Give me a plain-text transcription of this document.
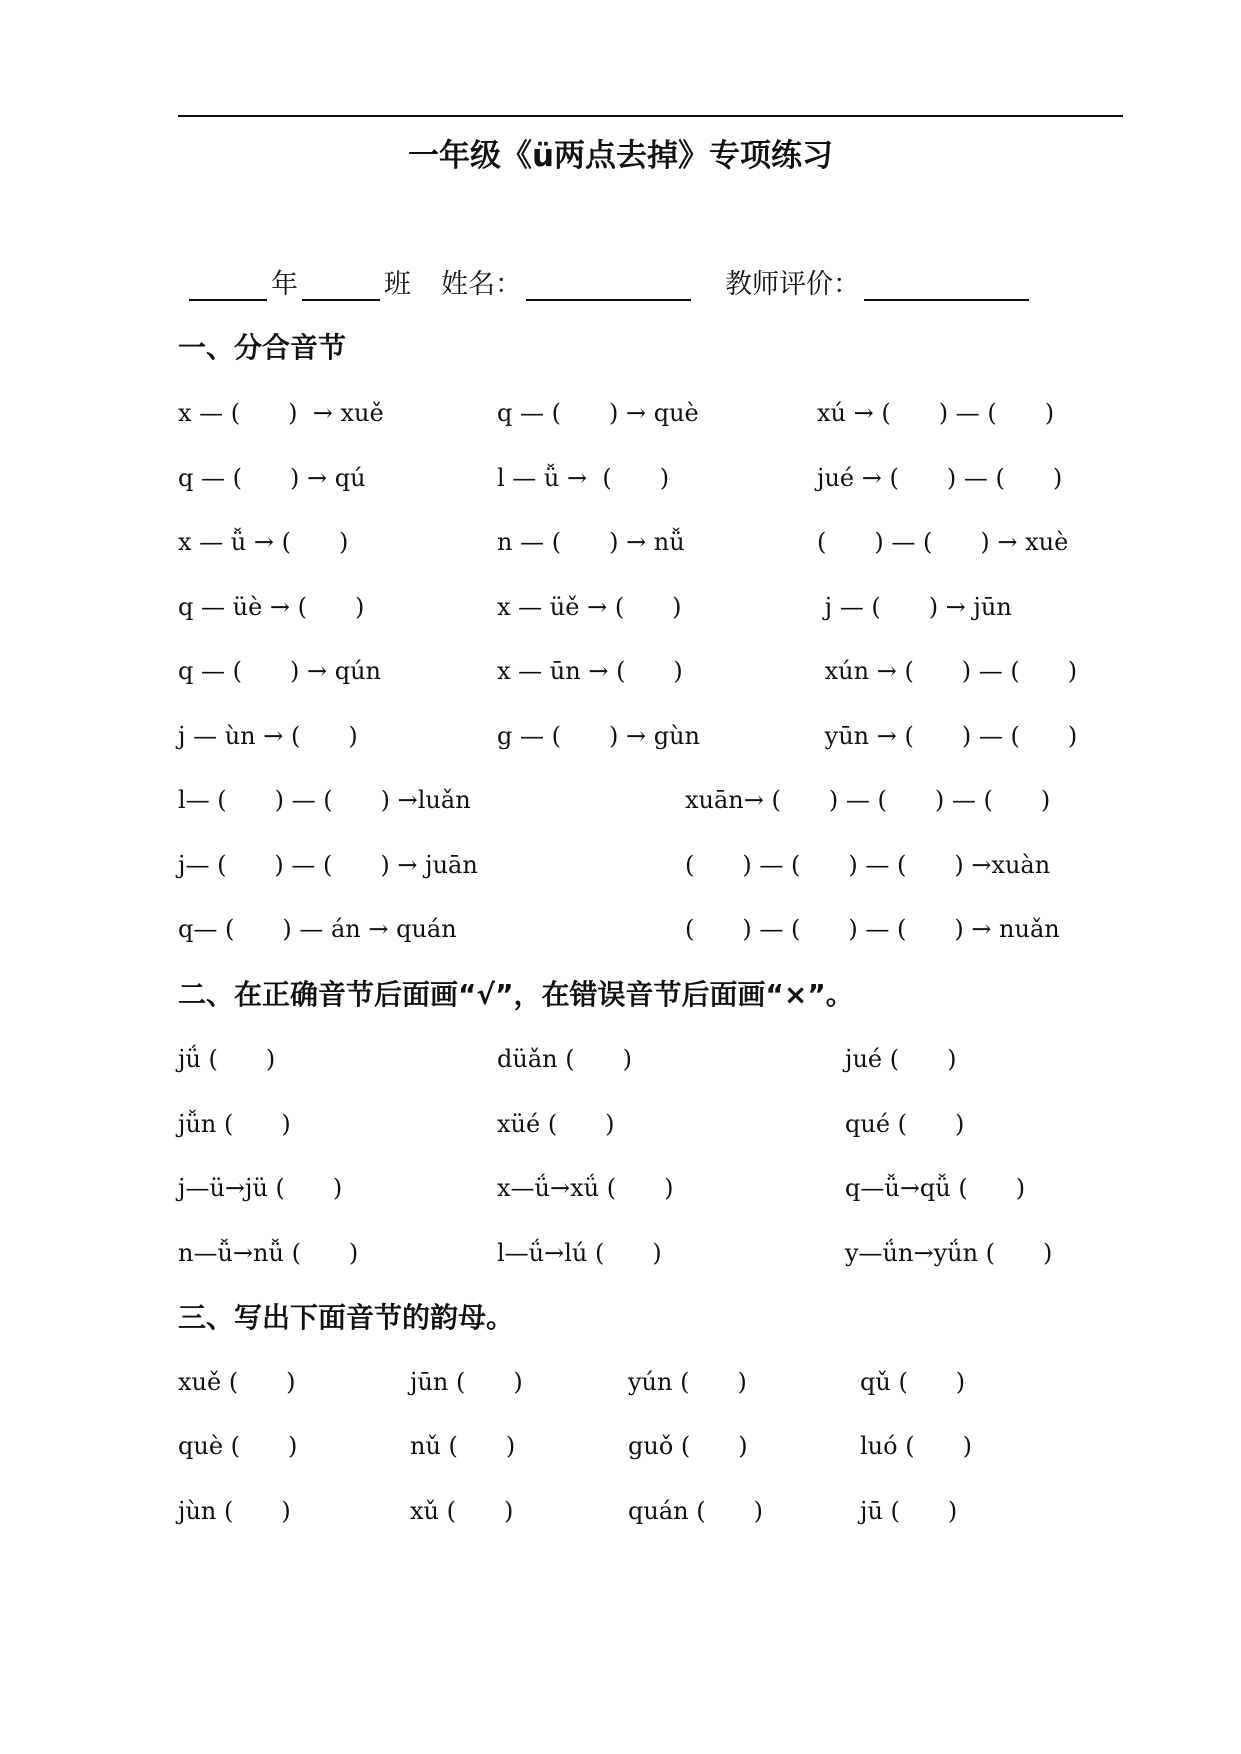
一年级《ü两点去掉》专项练习
年	班 姓名：	教师评价：
一、分合音节
二、在正确音节后面画“√”，在错误音节后面画“×”。
三、写出下面音节的韵母。
x — (　　)  → xuě	q — (　　) → què	xú → (　　) — (　　)
q — (　　) → qú	l — ǚ →  (　　)	jué → (　　) — (　　)
x — ǚ → (　　)	n — (　　) → nǚ	(　　) — (　　) → xuè
q — üè → (　　)	x — üě → (　　)	j — (　　) → jūn
q — (　　) → qún	x — ūn → (　　)	xún → (　　) — (　　)
j — ùn → (　　)	g — (　　) → gùn	yūn → (　　) — (　　)
l— (　　) — (　　) →luǎn	xuān→ (　　) — (　　) — (　　)
j— (　　) — (　　) → juān	(　　) — (　　) — (　　) →xuàn
q— (　　) — án → quán	(　　) — (　　) — (　　) → nuǎn
jǘ (　　)	düǎn (　　)	jué (　　)
jǚn (　　)	xüé (　　)	qué (　　)
j—ü→jü (　　)	x—ǘ→xǘ (　　)	q—ǚ→qǚ (　　)
n—ǚ→nǚ (　　)	l—ǘ→lú (　　)	y—ǘn→yǘn (　　)
xuě (　　)	jūn (　　)	yún (　　)	qǔ (　　)
què (　　)	nǔ (　　)	guǒ (　　)	luó (　　)
jùn (　　)	xǔ (　　)	quán (　　)	jū (　　)
